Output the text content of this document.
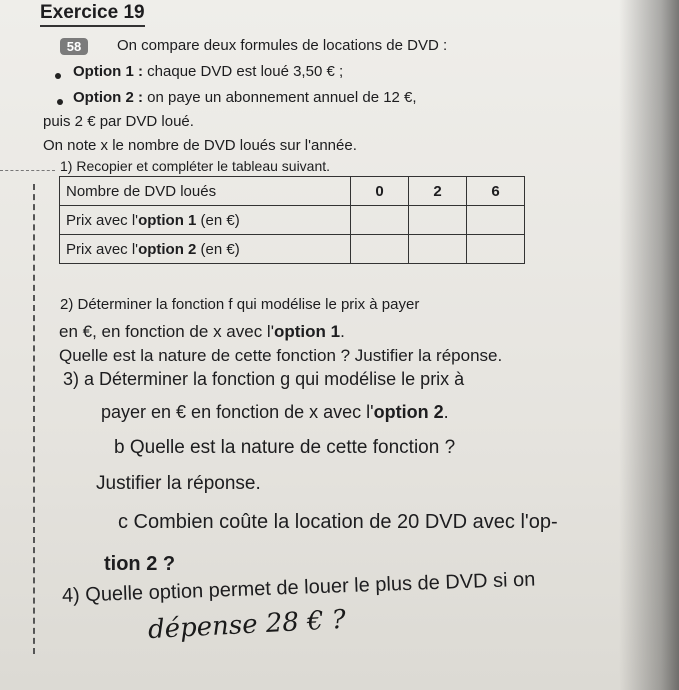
Exercice 19
58	On compare deux formules de locations de DVD :
Option 1 : chaque DVD est loué 3,50 € ;
Option 2 : on paye un abonnement annuel de 12 €,
puis 2 € par DVD loué.
On note x le nombre de DVD loués sur l'année.
1) Recopier et compléter le tableau suivant.
Nombre de DVD loués	0	2	6
Prix avec l'option 1 (en €)			
Prix avec l'option 2 (en €)			
2) Déterminer la fonction f qui modélise le prix à payer
en €, en fonction de x avec l'option 1.
Quelle est la nature de cette fonction ? Justifier la réponse.
3) a Déterminer la fonction g qui modélise le prix à
payer en € en fonction de x avec l'option 2.
b Quelle est la nature de cette fonction ?
Justifier la réponse.
c Combien coûte la location de 20 DVD avec l'op-
tion 2 ?
4) Quelle option permet de louer le plus de DVD si on
dépense 28 € ?
